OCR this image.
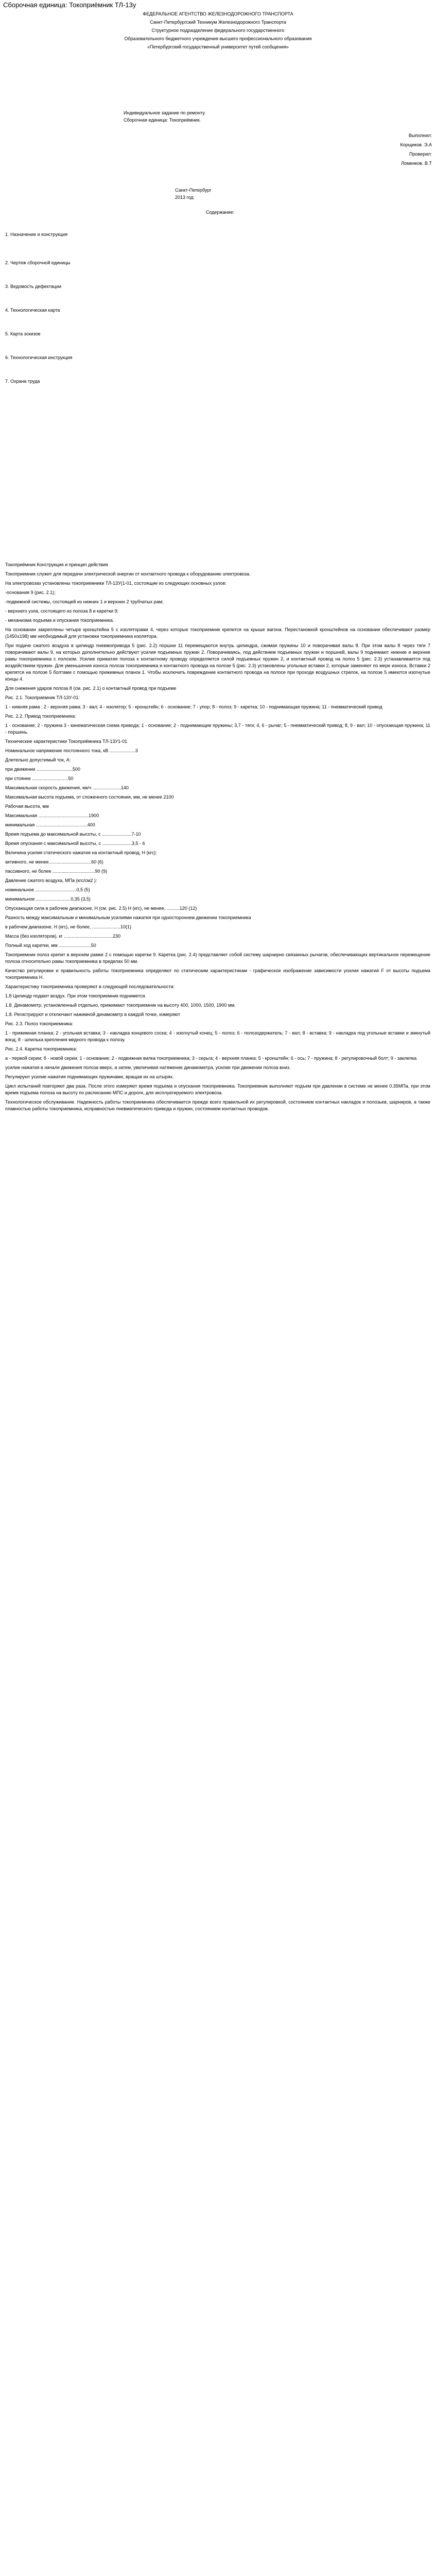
Сборочная единица: Токоприёмник ТЛ-13у
ФЕДЕРАЛЬНОЕ АГЕНТСТВО ЖЕЛЕЗНОДОРОЖНОГО ТРАНСПОРТА
Санкт-Петербургский Техникум Железнодорожного Транспорта
Структурное подразделение федерального государственного
Образовательного бюджетного учреждения высшего профессионального образования
«Петербургский государственный университет путей сообщения»
Индивидуальное задание по ремонту.
Сборочная единица: Токоприёмник.
Выполнил:
Корщиков. Э.А
Проверил:
Ломенков. В.Т
Санкт-Петербург
2013 год
Содержание:
1. Назначение и конструкция
2. Чертеж сборочной единицы
3. Ведомость дефектации
4. Технологическая карта
5. Карта эскизов
6. Технологическая инструкция
7. Охрана труда

Токоприёмник Конструкция и принцип действия

Токоприемник служит для передачи электрической энергии от контактного провода к оборудованию электровоза.

На электровозах установлены токоприемники ТЛ-13У(1-01, состоящие из следующих основных узлов:

-основания 9 (рис. 2.1);

-подвижной системы, состоящей из нижних 1 и верхних 2 трубчатых рам;

- верхнего узла, состоящего из полоза 8 и каретки 9;

- механизма подъема и опускания токоприемника.

На основании закреплены четыре кронштейна 5 с изоляторами 4, через которые токоприемник крепится на крыше вагона. Перестановкой кронштейнов на основании обеспечивают размер (1450±198) мм необходимый для установки токоприемника изолятора.

При подаче сжатого воздуха в цилиндр пневмопривода 5 (рис. 2.2) поршни 11 перемещаются внутрь цилиндра, сжимая пружины 10 и поворачивая валы 8. При этом валы 8 через тяги 7 поворачивают валы 9, на которых дополнительно действуют усилия подъемных пружин 2. Поворачиваясь, под действием подъемных пружин и поршней, валы 9 поднимают нижние и верхние рамы токоприемника с полозом. Усилие прижатия полоза к контактному проводу определяется силой подъемных пружин 2, и контактный провод на полоз 5 (рис. 2.3) устанавливается под воздействием пружин. Для уменьшения износа полоза токоприемника и контактного провода на полозе 5 (рис. 2.3) установлены угольные вставки 2, которые заменяют по мере износа. Вставки 2 крепятся на полозе 5 болтами с помощью прижимных планок 1. Чтобы исключить повреждение контактного провода на полосе при проходе воздушных стрелок, на полозе 5 имеются изогнутые концы 4.

Для снижения ударов полоза 8 (см. рис. 2.1) о контактный провод при подъеме

Рис. 2.1. Токоприемник ТЛ-13У-01:

1 - нижняя рама ; 2 - верхняя рама; 3 - вал; 4 - изолятор; 5 - кронштейн; 6 - основание; 7 - упор; 8 - полоз; 9 - каретка; 10 - поднимающая пружина; 11 - пневматический привод

Рис. 2.2. Привод токоприемника:

1 - основание; 2 - пружина 3 - кинематическая схема привода; 1 - основание; 2 - поднимающие пружины; 3,7 - тяги; 4, 6 - рычаг; 5 - пневматический привод; 8, 9 - вал; 10 - опускающая пружина; 11 - поршень.

Технические характеристики Токоприёмника ТЛ-13У1-01

Номинальное напряжение постоянного тока, кВ ....................3

Длительно допустимый ток, А:

при движении ............................500

при стоянке ............................50

Максимальная скорость движения, км/ч ......................140

Максимальная высота подъема, от сложенного состояния, мм, не менее 2100

Рабочая высота, мм

Максимальная .......................................1900

минимальная ........................................400

Время подъема до максимальной высоты, с .......................7-10

Время опускания с максимальной высоты, с .......................3,5 - 6

Величина усилия статического нажатия на контактный провод, Н (кгс):

активного, не менее.................................60 (6)

пассивного, не более .................................90 (9)

Давление сжатого воздуха, МПа (кгс/см2 ):

номинальное ................................0,5 (5)

минимальное ...........................0,35 (3,5)

Опускающая сила в рабочем диапазоне, Н (см. рис. 2.5) Н (кгс), не менее, ..........120 (12)

Разность между максимальным и минимальным усилиями нажатия при одностороннем движении токоприемника

в рабочем диапазоне, Н (кгс), не более, ......................10(1)

Масса (без изоляторов), кг ......................................230

Полный ход каретки, мм .........................50

Токоприемник полоз крепит в верхнем рамке 2 с помощью каретки 9. Каретка (рис. 2.4) представляет собой систему шарнирно связанных рычагов, обеспечивающих вертикальное перемещение полоза относительно рамы токоприемника в пределах 50 мм.

Качество регулировки и правильность работы токоприемника определяют по статическим характеристикам - графическое изображение зависимости усилия нажатия F от высоты подъема токоприемника H.

Характеристику токоприемника проверяют в следующей последовательности:

1.8 Цилиндр подают воздух. При этом токоприемник поднимется.

1.8. Динамометр, установленный отдельно, прижимают токоприемник на высоту 400, 1000, 1500, 1900 мм.

1.8. Регистрируют и отключают нажимной динамометр в каждой точке, измеряют

Рис. 2.3. Полоз токоприемника:

1 - прижимная планка; 2 - угольная вставка; 3 - накладка концевого соска; 4 - изогнутый конец; 5 - полоз; 6 - полозодержатель; 7 - вал; 8 - вставка; 9 - накладка под угольные вставки и змкнутый вонд; 8 - шпилька крепления медного провода к полозу.

Рис. 2.4. Каретка токоприемника:

а - первой серии; б - новой серии; 1 - основание; 2 - подвижная вилка токоприемника; 3 - серьга; 4 - верхняя планка; 5 - кронштейн; 6 - ось; 7 - пружина; 8 - регулировочный болт; 9 - заклепка

усилие нажатия в начале движения полоза вверх, а затем, увеличивая натяжение динамометра, усилие при движении полоза вниз.

Регулируют усилие нажатия поднимающих пружинами, вращая их на штырях.

Цикл испытаний повторяют два раза. После этого измеряют время подъема и опускания токоприемника. Токоприемник выполняют подъем при давлении в системе не менее 0.35МПа, при этом время подъема полоза на высоту по расписанию МПС и дороги, для эксплуатируемого электровоза.

Технологическое обслуживание. Надежность работы токоприемника обеспечивается прежде всего правильной их регулировкой, состоянием контактных накладок и полозьев, шарниров, а также плавностью работы токоприемника, исправностью пневматического привода и пружин, состоянием контактных проводов.
